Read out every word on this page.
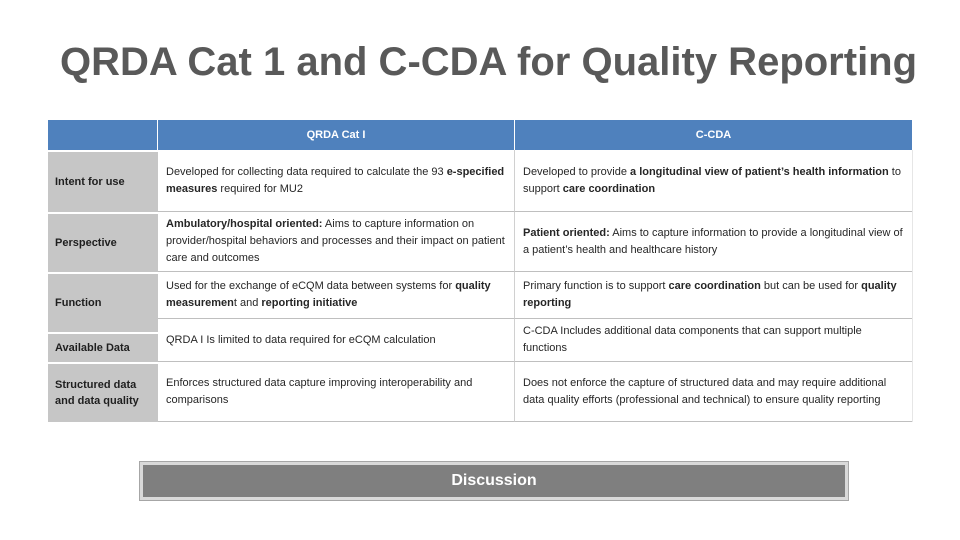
QRDA Cat 1 and C-CDA for Quality Reporting
QRDA Cat I	C-CDA
Intent for use
Developed for collecting data required to calculate the 93 e-specified measures required for MU2
Developed to provide a longitudinal view of patient’s health information to support care coordination
Perspective
Ambulatory/hospital oriented: Aims to capture information on provider/hospital behaviors and processes and their impact on patient care and outcomes
Patient oriented: Aims to capture information to provide a longitudinal view of a patient’s health and healthcare history
Function
Used for the exchange of eCQM data between systems for quality measurement and reporting initiative
Primary function is to support care coordination but can be used for quality reporting
Available Data
QRDA I Is limited to data required for eCQM calculation
C-CDA Includes additional data components that can support multiple functions
Structured data and data quality
Enforces structured data capture improving interoperability and comparisons
Does not enforce the capture of structured data and may require additional data quality efforts (professional and technical) to ensure quality reporting
Discussion
